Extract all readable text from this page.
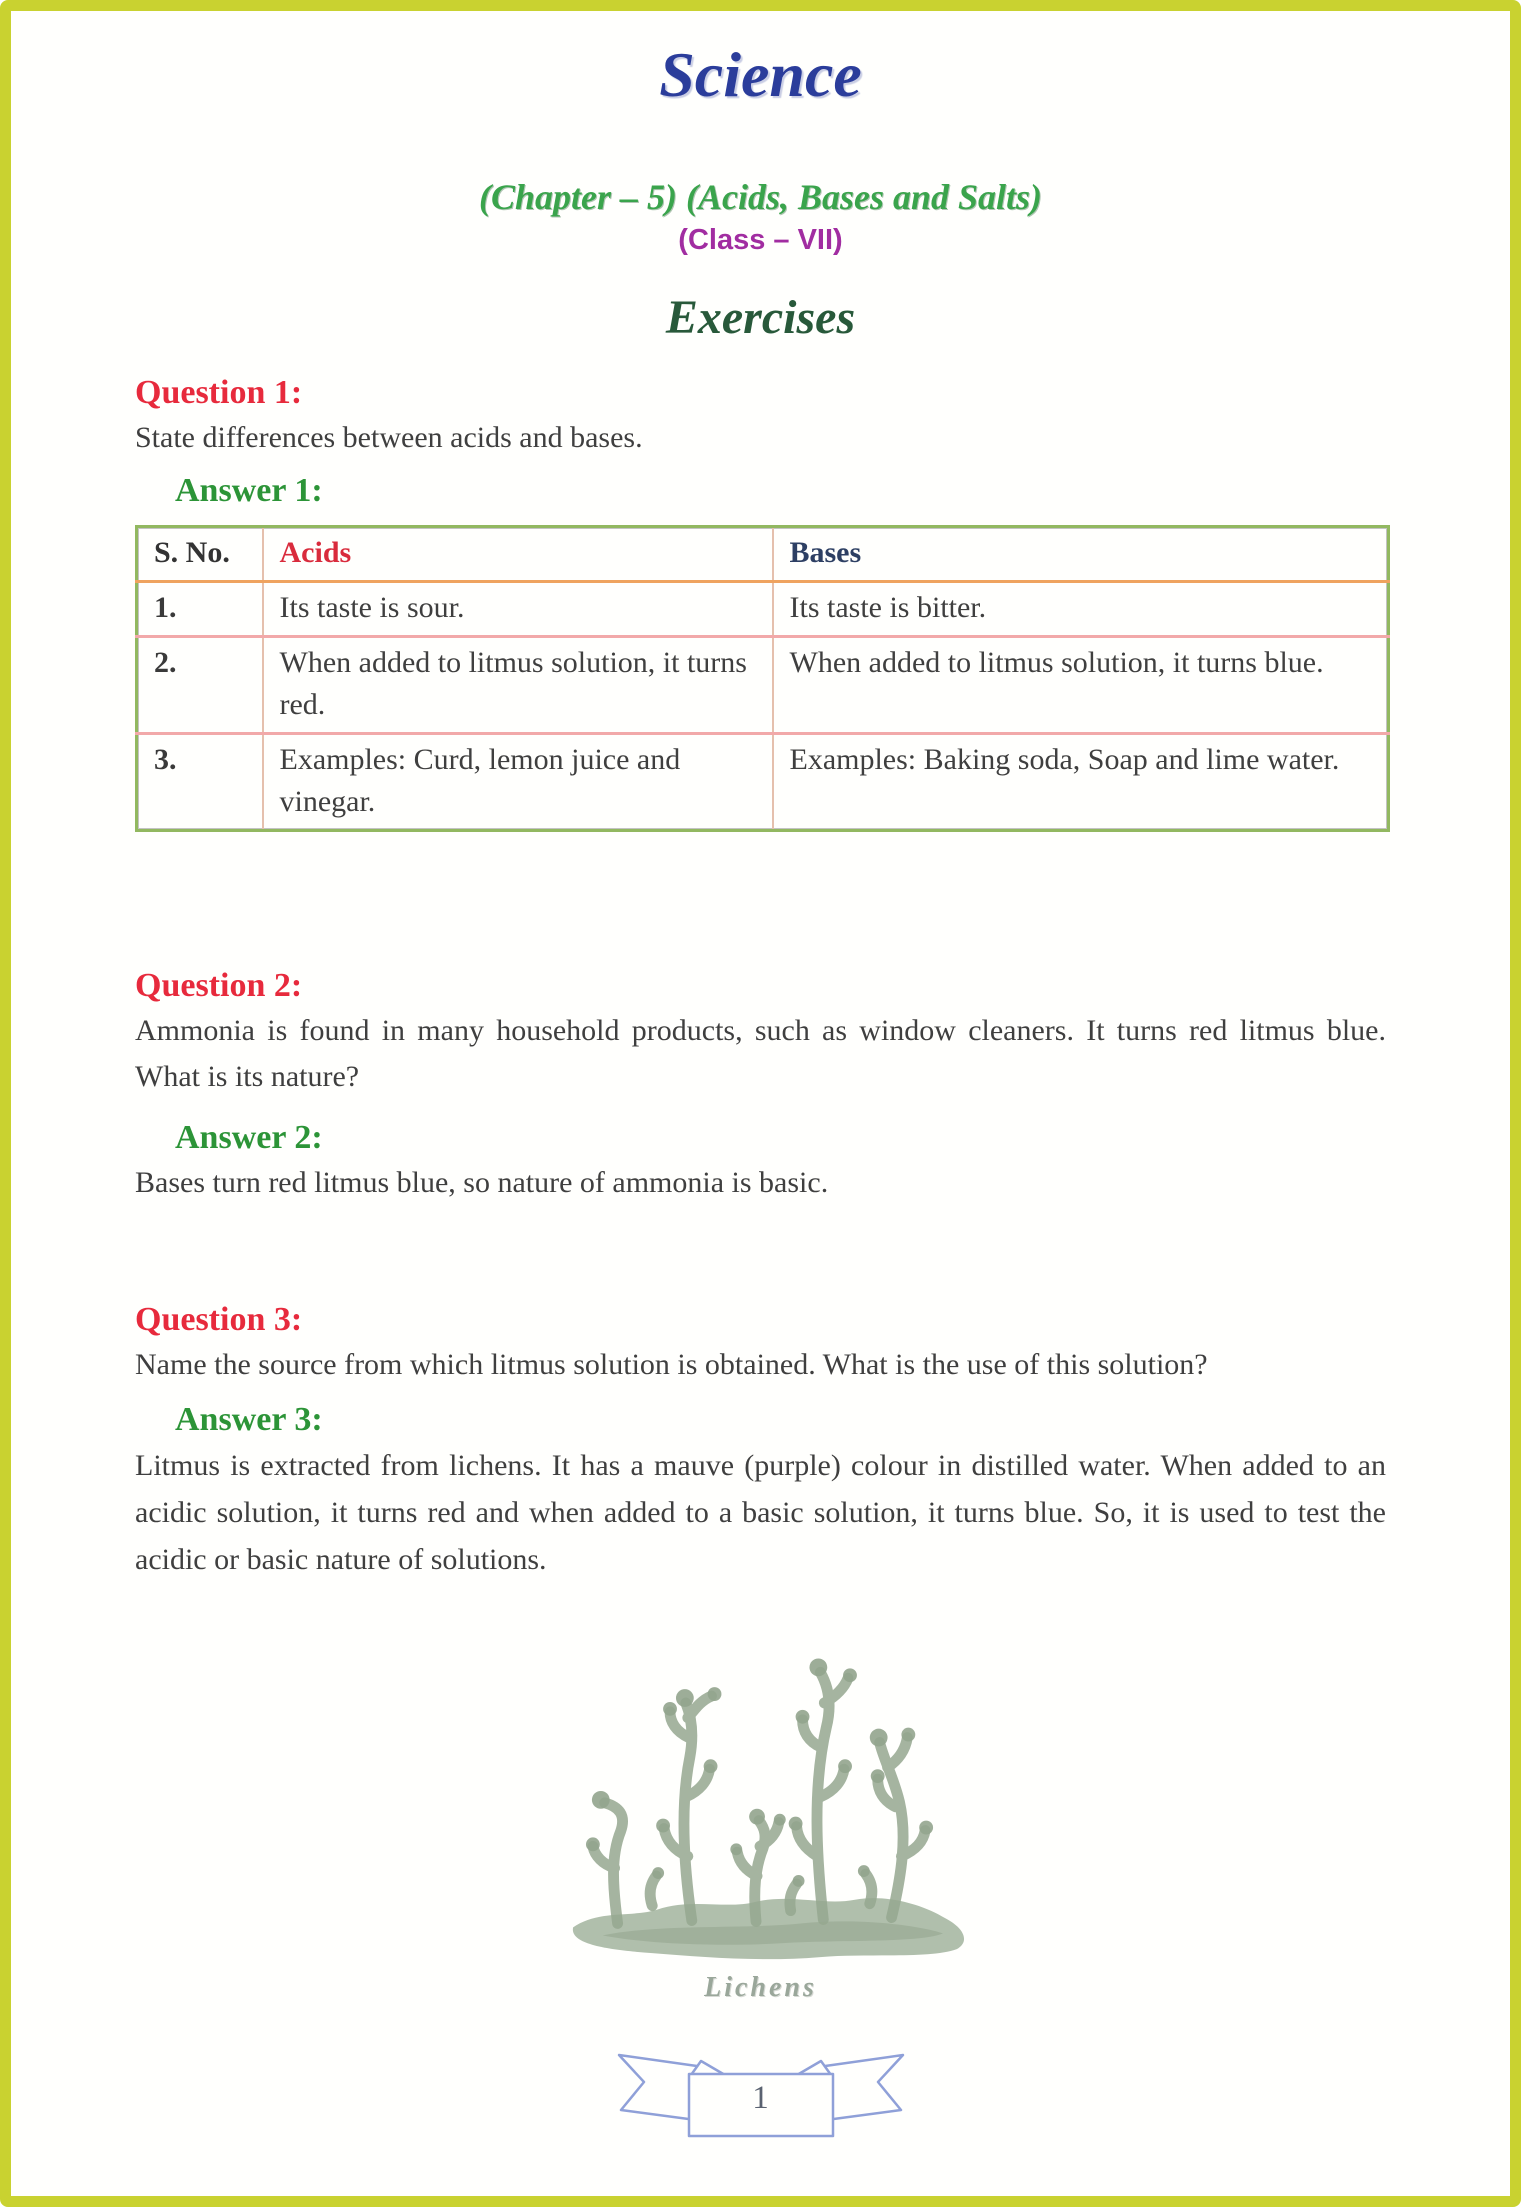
Science
(Chapter – 5) (Acids, Bases and Salts)
(Class – VII)
Exercises
Question 1:
State differences between acids and bases.
Answer 1:
S. No.	Acids	Bases
1.	Its taste is sour.	Its taste is bitter.
2.	When added to litmus solution, it turns red.	When added to litmus solution, it turns blue.
3.	Examples: Curd, lemon juice and vinegar.	Examples: Baking soda, Soap and lime water.
Question 2:
Ammonia is found in many household products, such as window cleaners. It turns red litmus blue. What is its nature?
Answer 2:
Bases turn red litmus blue, so nature of ammonia is basic.
Question 3:
Name the source from which litmus solution is obtained. What is the use of this solution?
Answer 3:
Litmus is extracted from lichens. It has a mauve (purple) colour in distilled water. When added to an acidic solution, it turns red and when added to a basic solution, it turns blue. So, it is used to test the acidic or basic nature of solutions.
Lichens
1
